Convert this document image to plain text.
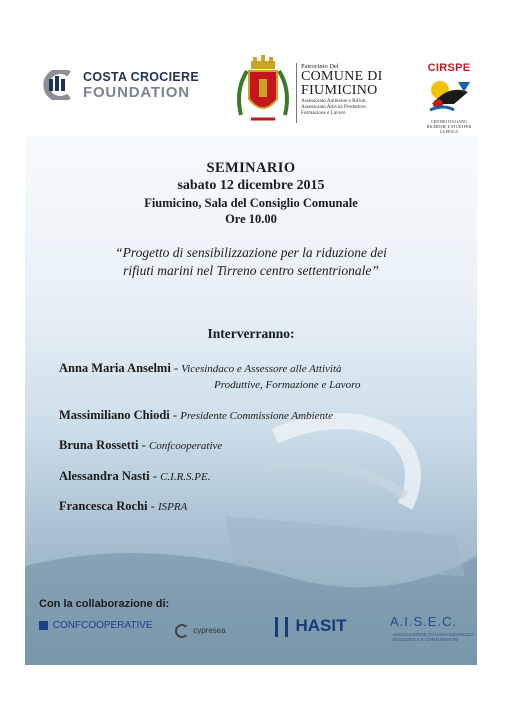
COSTA CROCIERE
FOUNDATION
Patrocinio Del
COMUNE DI
FIUMICINO
Assessorato Ambiente e Rifiuti
Assessorato Attività Produttive,
Formazione e Lavoro
CIRSPE
CENTRO ITALIANO RICERCHE E STUDI PER LA PESCA
SEMINARIO
sabato 12 dicembre 2015
Fiumicino, Sala del Consiglio Comunale
Ore 10.00
“Progetto di sensibilizzazione per la riduzione dei
rifiuti marini nel Tirreno centro settentrionale”
Interverranno:
Anna Maria Anselmi - Vicesindaco e Assessore alle Attività
Produttive, Formazione e Lavoro
Massimiliano Chiodi - Presidente Commissione Ambiente
Bruna Rossetti - Confcooperative
Alessandra Nasti - C.I.R.S.PE.
Francesca Rochi - ISPRA
Con la collaborazione di:
CONFCOOPERATIVE	cypresea	HASIT	A.I.S.E.C.
ASSOCIAZIONE ITALIANA SICUREZZA ECOLOGICA E CONSUMATORI
